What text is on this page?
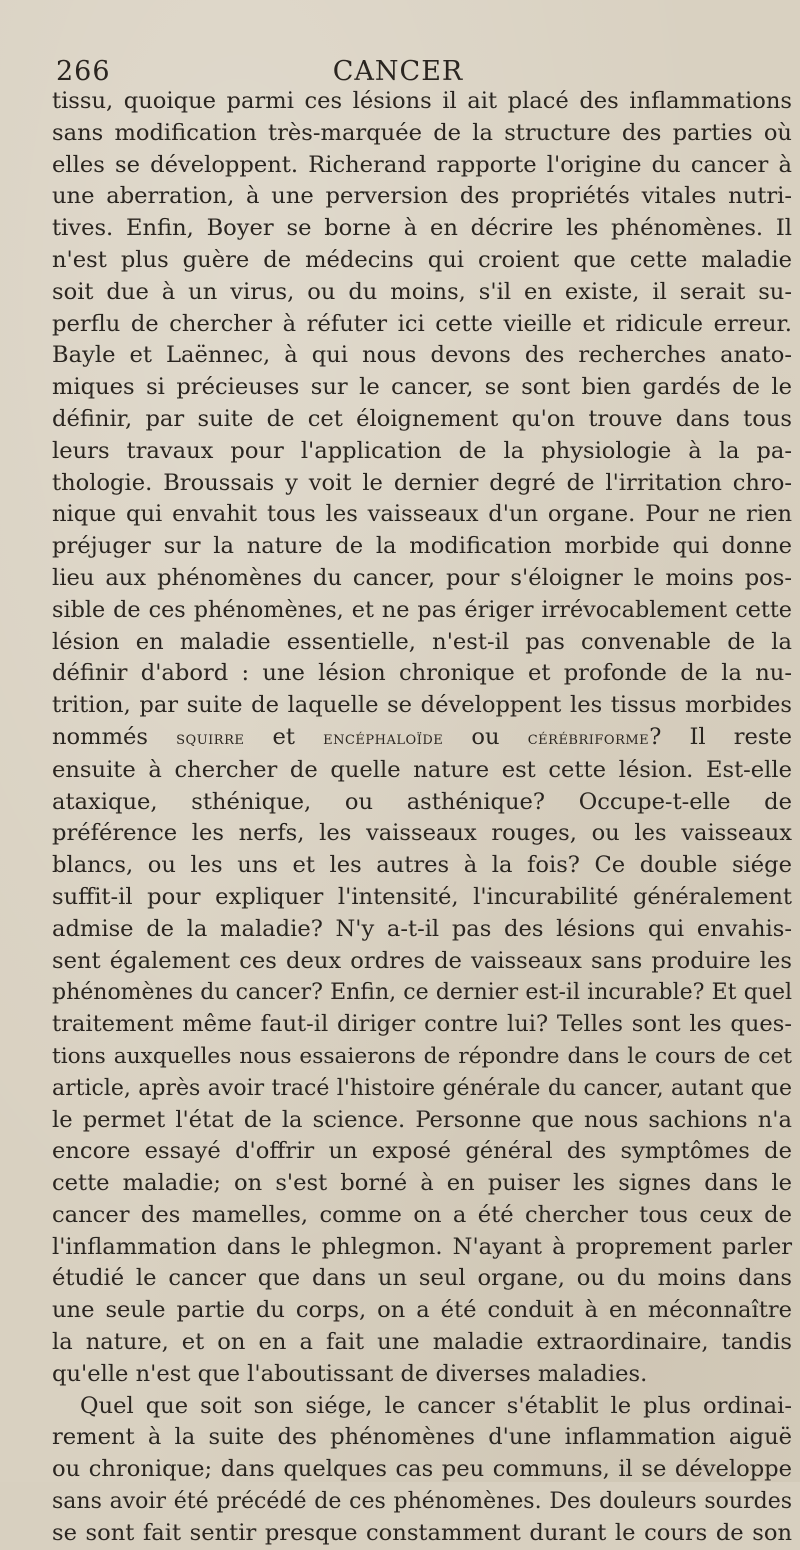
266	CANCER
tissu, quoique parmi ces lésions il ait placé des inflammations
sans modification très-marquée de la structure des parties où
elles se développent. Richerand rapporte l'origine du cancer à
une aberration, à une perversion des propriétés vitales nutri-
tives. Enfin, Boyer se borne à en décrire les phénomènes. Il
n'est plus guère de médecins qui croient que cette maladie
soit due à un virus, ou du moins, s'il en existe, il serait su-
perflu de chercher à réfuter ici cette vieille et ridicule erreur.
Bayle et Laënnec, à qui nous devons des recherches anato-
miques si précieuses sur le cancer, se sont bien gardés de le
définir, par suite de cet éloignement qu'on trouve dans tous
leurs travaux pour l'application de la physiologie à la pa-
thologie. Broussais y voit le dernier degré de l'irritation chro-
nique qui envahit tous les vaisseaux d'un organe. Pour ne rien
préjuger sur la nature de la modification morbide qui donne
lieu aux phénomènes du cancer, pour s'éloigner le moins pos-
sible de ces phénomènes, et ne pas ériger irrévocablement cette
lésion en maladie essentielle, n'est-il pas convenable de la
définir d'abord : une lésion chronique et profonde de la nu-
trition, par suite de laquelle se développent les tissus morbides
nommés squirre et encéphaloïde ou cérébriforme? Il reste
ensuite à chercher de quelle nature est cette lésion. Est-elle
ataxique, sthénique, ou asthénique? Occupe-t-elle de
préférence les nerfs, les vaisseaux rouges, ou les vaisseaux
blancs, ou les uns et les autres à la fois? Ce double siége
suffit-il pour expliquer l'intensité, l'incurabilité généralement
admise de la maladie? N'y a-t-il pas des lésions qui envahis-
sent également ces deux ordres de vaisseaux sans produire les
phénomènes du cancer? Enfin, ce dernier est-il incurable? Et quel
traitement même faut-il diriger contre lui? Telles sont les ques-
tions auxquelles nous essaierons de répondre dans le cours de cet
article, après avoir tracé l'histoire générale du cancer, autant que
le permet l'état de la science. Personne que nous sachions n'a
encore essayé d'offrir un exposé général des symptômes de
cette maladie; on s'est borné à en puiser les signes dans le
cancer des mamelles, comme on a été chercher tous ceux de
l'inflammation dans le phlegmon. N'ayant à proprement parler
étudié le cancer que dans un seul organe, ou du moins dans
une seule partie du corps, on a été conduit à en méconnaître
la nature, et on en a fait une maladie extraordinaire, tandis
qu'elle n'est que l'aboutissant de diverses maladies.
Quel que soit son siége, le cancer s'établit le plus ordinai-
rement à la suite des phénomènes d'une inflammation aiguë
ou chronique; dans quelques cas peu communs, il se développe
sans avoir été précédé de ces phénomènes. Des douleurs sourdes
se sont fait sentir presque constamment durant le cours de son
